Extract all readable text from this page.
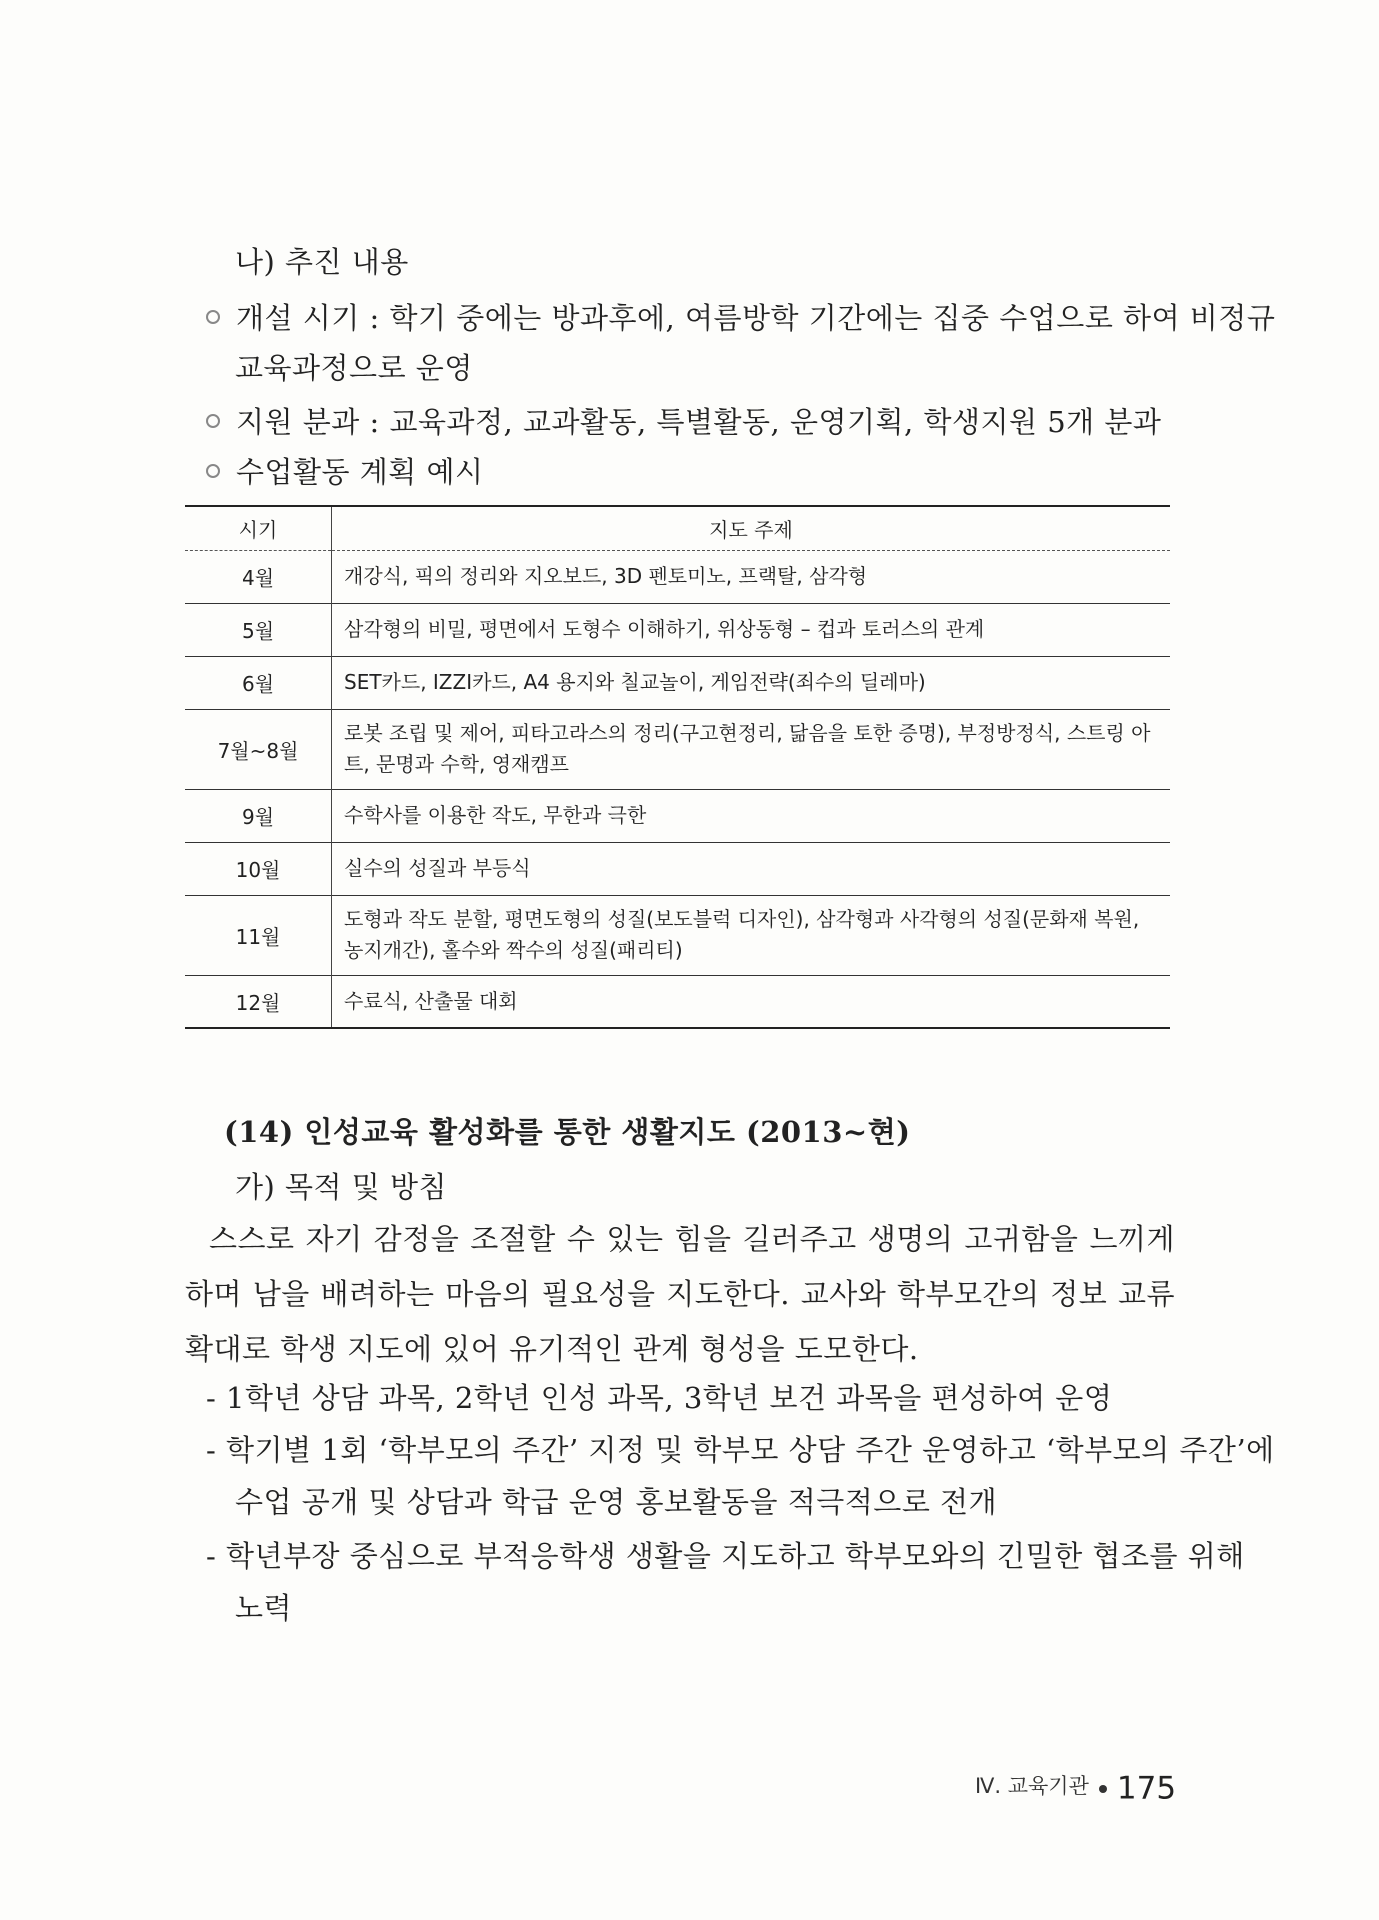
나) 추진 내용
개설 시기 : 학기 중에는 방과후에, 여름방학 기간에는 집중 수업으로 하여 비정규
교육과정으로 운영
지원 분과 : 교육과정, 교과활동, 특별활동, 운영기획, 학생지원 5개 분과
수업활동 계획 예시
시기	지도 주제
4월	개강식, 픽의 정리와 지오보드, 3D 펜토미노, 프랙탈, 삼각형
5월	삼각형의 비밀, 평면에서 도형수 이해하기, 위상동형 – 컵과 토러스의 관계
6월	SET카드, IZZI카드, A4 용지와 칠교놀이, 게임전략(죄수의 딜레마)
7월~8월	로봇 조립 및 제어, 피타고라스의 정리(구고현정리, 닮음을 토한 증명), 부정방정식, 스트링 아트, 문명과 수학, 영재캠프
9월	수학사를 이용한 작도, 무한과 극한
10월	실수의 성질과 부등식
11월	도형과 작도 분할, 평면도형의 성질(보도블럭 디자인), 삼각형과 사각형의 성질(문화재 복원, 농지개간), 홀수와 짝수의 성질(패리티)
12월	수료식, 산출물 대회
(14) 인성교육 활성화를 통한 생활지도 (2013~현)
가) 목적 및 방침
스스로 자기 감정을 조절할 수 있는 힘을 길러주고 생명의 고귀함을 느끼게 하며 남을 배려하는 마음의 필요성을 지도한다. 교사와 학부모간의 정보 교류 확대로 학생 지도에 있어 유기적인 관계 형성을 도모한다.
- 1학년 상담 과목, 2학년 인성 과목, 3학년 보건 과목을 편성하여 운영
- 학기별 1회 ‘학부모의 주간’ 지정 및 학부모 상담 주간 운영하고 ‘학부모의 주간’에
수업 공개 및 상담과 학급 운영 홍보활동을 적극적으로 전개
- 학년부장 중심으로 부적응학생 생활을 지도하고 학부모와의 긴밀한 협조를 위해
노력
Ⅳ. 교육기관 175
